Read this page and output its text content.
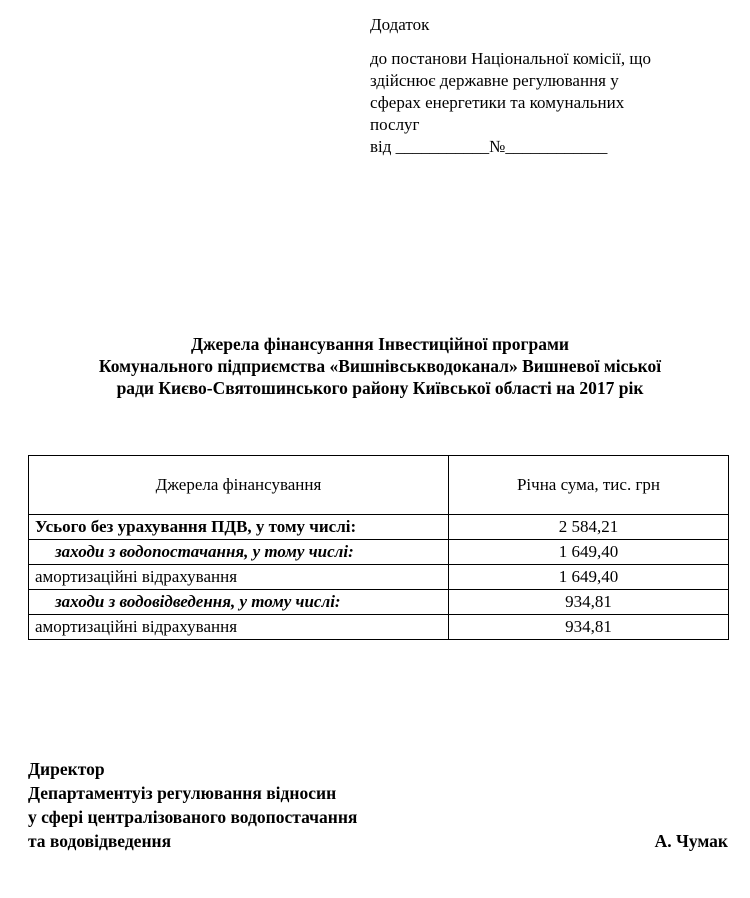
Додаток
до постанови Національної комісії, що
здійснює державне регулювання у
сферах енергетики та комунальних
послуг
від ___________№____________
Джерела фінансування Інвестиційної програми
Комунального підприємства «Вишнівськводоканал» Вишневої міської
ради Києво-Святошинського району Київської області на 2017 рік
Джерела фінансування	Річна сума, тис. грн
Усього без урахування ПДВ, у тому числі:	2 584,21
заходи з водопостачання, у тому числі:	1 649,40
амортизаційні відрахування	1 649,40
заходи з водовідведення, у тому числі:	934,81
амортизаційні відрахування	934,81
Директор
Департаментуіз регулювання відносин
у сфері централізованого водопостачання
та водовідведення	А. Чумак
